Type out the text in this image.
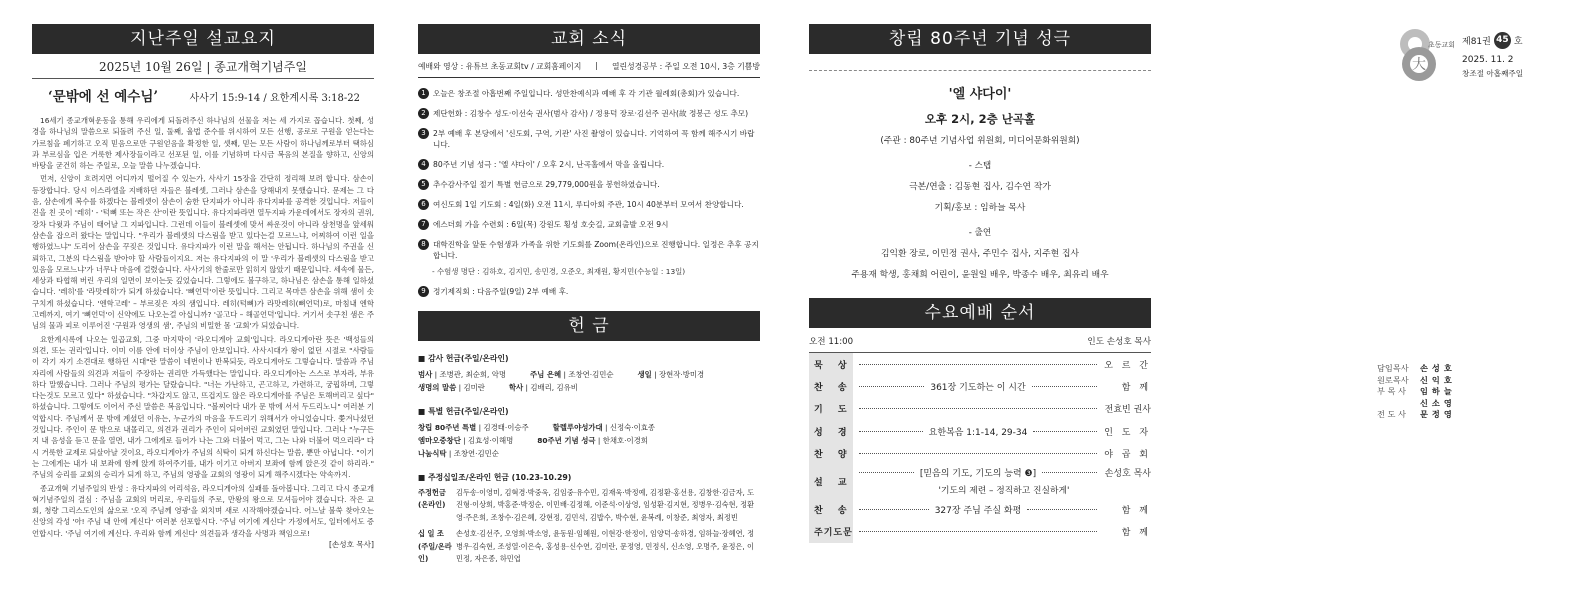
지난주일 설교요지
2025년 10월 26일 | 종교개혁기념주일
‘문밖에 선 예수님’	사사기 15:9-14 / 요한계시록 3:18-22

16세기 종교개혁운동을 통해 우리에게 되돌려주신 하나님의 선물을 저는 세 가지로 꼽습니다. 첫째, 성경을 하나님의 말씀으로 되돌려 주신 일, 둘째, 율법 준수를 위시하여 모든 선행, 공로로 구원을 얻는다는 가르침을 폐기하고 오직 믿음으로만 구원얻음을 확정한 일, 셋째, 믿는 모든 사람이 하나님께로부터 택하심과 부르심을 입은 거룩한 제사장들이라고 선포된 일, 이를 기념하며 다시금 복음의 본질을 향하고, 신앙의 바탕을 굳건히 하는 주일로, 오늘 말씀 나누겠습니다.

먼저, 신앙이 흐려지면 어디까지 떨어질 수 있는가, 사사기 15장을 간단히 정리해 보려 합니다. 삼손이 등장합니다. 당시 이스라엘을 지배하던 자들은 블레셋, 그러나 삼손을 당해내지 못했습니다. 문제는 그 다음, 삼손에게 복수를 하겠다는 블레셋이 삼손이 숨한 단지파가 아니라 유다지파를 공격한 것입니다. 저들이 진을 친 곳이 '레히' - '턱뼈 또는 작은 산'이란 뜻입니다. 유다지파라면 열두지파 가운데에서도 장자의 권위, 장차 다윗과 주님이 태어날 그 지파입니다. 그런데 이들이 블레셋에 맞서 싸운것이 아니라 삼천명을 앞세워 삼손을 잡으러 왔다는 말입니다. "우리가 블레셋의 다스림을 받고 있다는걸 모르느냐, 어찌하여 이런 일을 행하였느냐" 도리어 삼손을 꾸짖은 것입니다. 유다지파가 이런 말을 해서는 안됩니다. 하나님의 주권을 신뢰하고, 그분의 다스림을 받아야 할 사람들이지요. 저는 유다지파의 이 말 '우리가 블레셋의 다스림을 받고 있음을 모르느냐'가 너무나 마음에 걸렸습니다. 사사기의 한줄로만 읽히지 않았기 때문입니다. 세속에 물든, 세상과 타협해 버린 우리의 일면이 보이는듯 깊었습니다. 그렇에도 불구하고, 하나님은 삼손을 통해 일하셨습니다. '레히'를 '라맛레히'가 되게 하셨습니다. '뼈언덕'이란 뜻입니다. 그리고 목마른 삼손을 위해 샘이 솟구치게 하셨습니다. '엔학고레' – 부르짖은 자의 샘입니다. 레히(턱뼈)가 라맛레히(뼈언덕)로, 마침내 엔학고레까지, 여기 '뼈언덕'이 신약에도 나오는걸 아십니까? '골고다 – 해골언덕'입니다. 거기서 솟구친 샘은 주님의 물과 피로 이루어진 '구원과 영생의 샘', 주님의 비밀한 몸 '교회'가 되었습니다.

요한계시록에 나오는 일곱교회, 그중 마지막이 '라오디게아 교회'입니다. 라오디게아란 뜻은 '백성들의 의견, 또는 권리'입니다. 이미 이름 안에 더이상 주님이 안보입니다. 사사시대가 왕이 없던 시절로 "사람들이 각기 자기 소견대로 행하던 시대"란 말씀이 네번이나 반복되듯, 라오디게아도 그렇습니다. 말씀과 주님자리에 사람들의 의견과 저들이 주장하는 권리만 가득했다는 말입니다. 라오디게아는 스스로 부자라, 부유하다 말했습니다. 그러나 주님의 평가는 달랐습니다. "너는 가난하고, 곤고하고, 가련하고, 궁핍하며, 그렇다는것도 모르고 있다" 하셨습니다. "차갑지도 않고, 뜨겁지도 않은 라오디게아를 주님은 토해버리고 싶다" 하셨습니다. 그렇에도 이어서 주신 말씀은 복음입니다. "볼찌어다 내가 문 밖에 서서 두드리노니" 여러분 기억합시다. 주님께서 문 밖에 계셨던 이유는, 누군가의 마음을 두드리기 위해서가 아니었습니다. 쫓겨나셨던 것입니다. 주인이 문 밖으로 내몰리고, 의견과 권리가 주인이 되어버린 교회였던 말입니다. 그러나 "누구든지 내 음성을 듣고 문을 열면, 내가 그에게로 들어가 나는 그와 더불어 먹고, 그는 나와 더불어 먹으리라" 다시 거룩한 교제로 되살아날 것이요, 라오디게아가 주님의 식탁이 되게 하신다는 말씀, 뿐만 아닙니다. "이기는 그에게는 내가 내 보좌에 함께 앉게 하여주기를, 내가 이기고 아버지 보좌에 함께 앉은것 같이 하리라." 주님의 승리를 교회의 승리가 되게 하고, 주님의 영광을 교회의 영광이 되게 해주시겠다는 약속까지.

종교개혁 기념주일의 반성 : 유다지파의 어리석음, 라오디게아의 실패를 돌아봅니다. 그리고 다시 종교개혁기념주일의 결심 : 주님을 교회의 머리로, 우리들의 주로, 만왕의 왕으로 모셔들어야 겠습니다. 작은 교회, 청량 그리스도인의 삶으로 '오직 주님께 영광'을 외치며 새로 시작해야겠습니다. 어느날 불쑥 찾아오는 신앙의 각성 '아! 주님 내 안에 계신다' 여러분 선포합시다. '주님 여기에 계신다' 가정에서도, 일터에서도 증언합시다. '주님 여기에 계신다. 우리와 함께 계신다' 의견들과 생각을 사명과 책임으로!

[손성호 목사]
교회 소식
예배와 영상 : 유튜브 초동교회tv / 교회홈페이지 | 열린성경공부 : 주일 오전 10시, 3층 기쁨방
1 오늘은 창조절 아홉번째 주일입니다. 성만찬예식과 예배 후 각 기관 월례회(총회)가 있습니다.
2 제단헌화 : 김창수 성도·이선숙 권사(범사 감사) / 정용덕 장로·김선주 권사(故 정봉근 성도 추모)
3 2부 예배 후 본당에서 '신도회, 구역, 기관' 사진 촬영이 있습니다. 기억하여 꼭 함께 해주시기 바랍니다.
4 80주년 기념 성극 : '엘 샤다이' / 오후 2시, 난곡홀에서 막을 올립니다.
5 추수감사주일 절기 특별 헌금으로 29,779,000원을 봉헌하였습니다.
6 여신도회 1일 기도회 : 4일(화) 오전 11시, 루디아회 주관, 10시 40분부터 모여서 찬양합니다.
7 에스더회 가을 수련회 : 6일(목) 강원도 횡성 호숫길, 교회출발 오전 9시
8 대학진학을 앞둔 수험생과 가족을 위한 기도회를 Zoom(온라인)으로 진행합니다. 일정은 추후 공지합니다.
- 수험생 명단 : 김하호, 김지민, 송민경, 오준오, 최재원, 황지민(수능일 : 13일)
9 정기제직회 : 다음주일(9일) 2부 예배 후.
헌 금
■ 감사 헌금(주일/온라인)
범사 | 조병관, 최순희, 악명	주님 은혜 | 조창연·김민순	생일 | 장현작·방미경
생명의 말씀 | 김미란	학사 | 김배리, 김유비
■ 특별 헌금(주일/온라인)
창립 80주년 특별 | 김경태·이승주	할렐루야성가대 | 신정숙·이효종
엠마오중창단 | 김효성·이해명	80주년 기념 성극 | 한채호·이경희
나눔식탁 | 조창연·김민순
■ 주정십일조/온라인 헌금 (10.23-10.29)
주정헌금 (온라인)
김두송·이영미, 김혁경·박중욱, 김임중·유수민, 김재욱·박정예, 김정환·홍선용, 김창한·김금자, 도진형·이상희, 박홍준·박정순, 이민배·김정해, 이준석·이상영, 임성환·김지현, 정병우·김숙현, 정환영·주은희, 조창수·김은혜, 강현정, 김민석, 김밥수, 박수현, 윤복례, 이창준, 최영자, 최정빈
십 일 조 (주일/온라인)
손성호·김선주, 오영희·박소영, 윤동원·임혜원, 이현강·한정이, 임양덕·송하경, 임하늘·장혜연, 정병우·김숙현, 조성열·이은숙, 홍성용·신수연, 김미란, 문정영, 민정식, 신소영, 오명주, 윤정은, 이민정, 자은종, 하민엽
창립 80주년 기념 성극
'엘 샤다이'
오후 2시, 2층 난곡홀
(주관 : 80주년 기념사업 위원회, 미디어문화위원회)
- 스탭
극본/연출 : 김동현 집사, 김수연 작가
기획/홍보 : 임하늘 목사
- 출연
김익환 장로, 이민정 권사, 주민수 집사, 지주현 집사
주용재 학생, 홍채희 어린이, 윤원일 배우, 박종수 배우, 최유리 배우
수요예배 순서
오전 11:00	인도 손성호 목사
묵 상	오 르 간
찬 송	361장 기도하는 이 시간	함 께
기 도	전효빈 권사
성 경	요한복음 1:1-14, 29-34	인 도 자
찬 양	야 곱 회
설 교
[믿음의 기도, 기도의 능력 ❸]	손성호 목사
'기도의 제련 – 정직하고 진실하게'
찬 송	327장 주님 주실 화평	함 께
주기도문	함 께
大
초동교회 제81권 45 호
2025. 11. 2
창조절 아홉째주일
담임목사	손성호
원로목사	신익호
부 목 사	임하늘
신소영
전 도 사	문정영
